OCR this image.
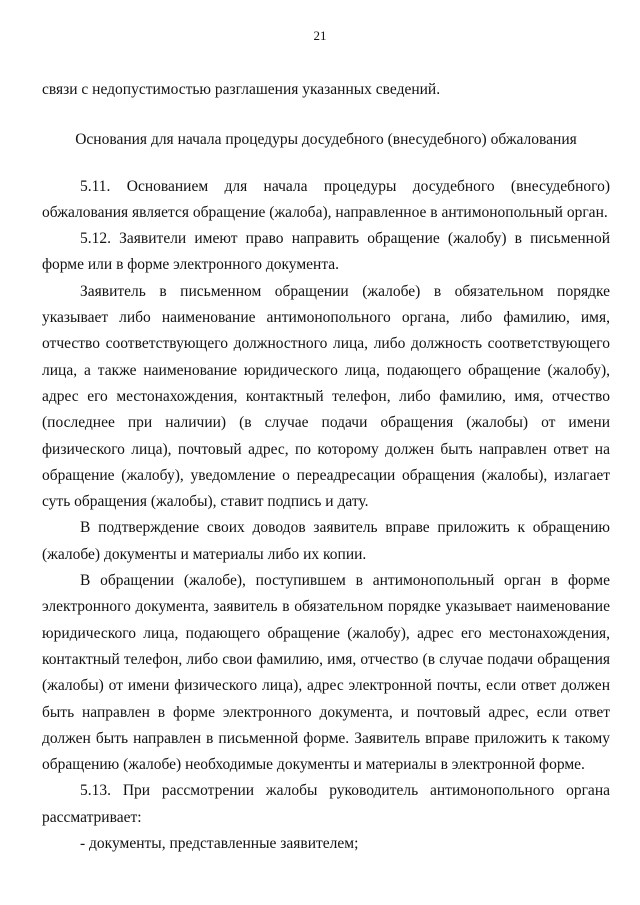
21

связи с недопустимостью разглашения указанных сведений.

Основания для начала процедуры досудебного (внесудебного) обжалования

5.11. Основанием для начала процедуры досудебного (внесудебного) обжалования является обращение (жалоба), направленное в антимонопольный орган.

5.12. Заявители имеют право направить обращение (жалобу) в письменной форме или в форме электронного документа.

Заявитель в письменном обращении (жалобе) в обязательном порядке указывает либо наименование антимонопольного органа, либо фамилию, имя, отчество соответствующего должностного лица, либо должность соответствующего лица, а также наименование юридического лица, подающего обращение (жалобу), адрес его местонахождения, контактный телефон, либо фамилию, имя, отчество (последнее при наличии) (в случае подачи обращения (жалобы) от имени физического лица), почтовый адрес, по которому должен быть направлен ответ на обращение (жалобу), уведомление о переадресации обращения (жалобы), излагает суть обращения (жалобы), ставит подпись и дату.

В подтверждение своих доводов заявитель вправе приложить к обращению (жалобе) документы и материалы либо их копии.

В обращении (жалобе), поступившем в антимонопольный орган в форме электронного документа, заявитель в обязательном порядке указывает наименование юридического лица, подающего обращение (жалобу), адрес его местонахождения, контактный телефон, либо свои фамилию, имя, отчество (в случае подачи обращения (жалобы) от имени физического лица), адрес электронной почты, если ответ должен быть направлен в форме электронного документа, и почтовый адрес, если ответ должен быть направлен в письменной форме. Заявитель вправе приложить к такому обращению (жалобе) необходимые документы и материалы в электронной форме.

5.13. При рассмотрении жалобы руководитель антимонопольного органа рассматривает:

- документы, представленные заявителем;
